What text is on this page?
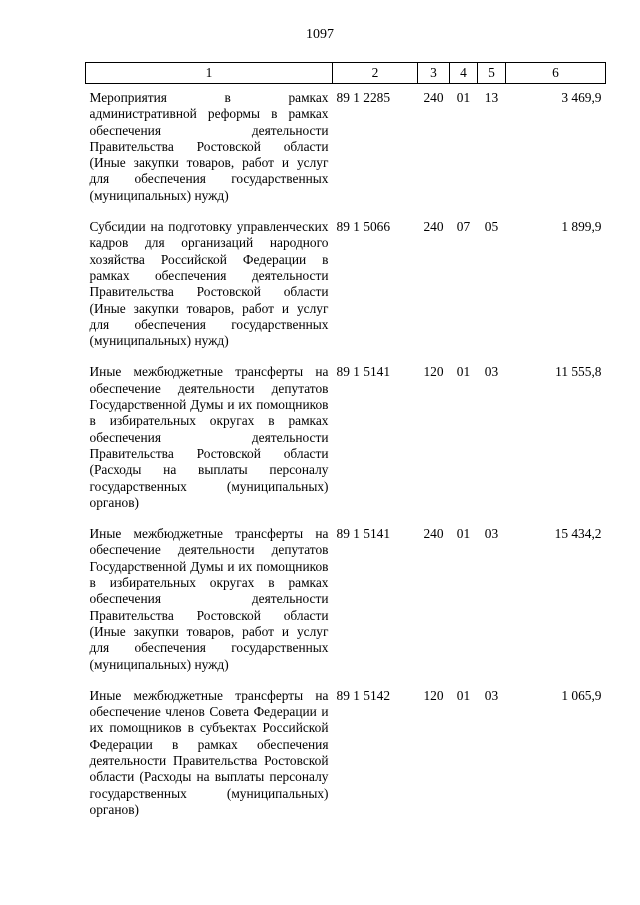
1097
1	2	3	4	5	6
Мероприятия в рамках административной реформы в рамках обеспечения деятельности Правительства Ростовской области (Иные закупки товаров, работ и услуг для обеспечения государственных (муниципальных) нужд)	89 1 2285	240	01	13	3 469,9
Субсидии на подготовку управленческих кадров для организаций народного хозяйства Российской Федерации в рамках обеспечения деятельности Правительства Ростовской области (Иные закупки товаров, работ и услуг для обеспечения государственных (муниципальных) нужд)	89 1 5066	240	07	05	1 899,9
Иные межбюджетные трансферты на обеспечение деятельности депутатов Государственной Думы и их помощников в избирательных округах в рамках обеспечения деятельности Правительства Ростовской области (Расходы на выплаты персоналу государственных (муниципальных) органов)	89 1 5141	120	01	03	11 555,8
Иные межбюджетные трансферты на обеспечение деятельности депутатов Государственной Думы и их помощников в избирательных округах в рамках обеспечения деятельности Правительства Ростовской области (Иные закупки товаров, работ и услуг для обеспечения государственных (муниципальных) нужд)	89 1 5141	240	01	03	15 434,2
Иные межбюджетные трансферты на обеспечение членов Совета Федерации и их помощников в субъектах Российской Федерации в рамках обеспечения деятельности Правительства Ростовской области (Расходы на выплаты персоналу государственных (муниципальных) органов)	89 1 5142	120	01	03	1 065,9
